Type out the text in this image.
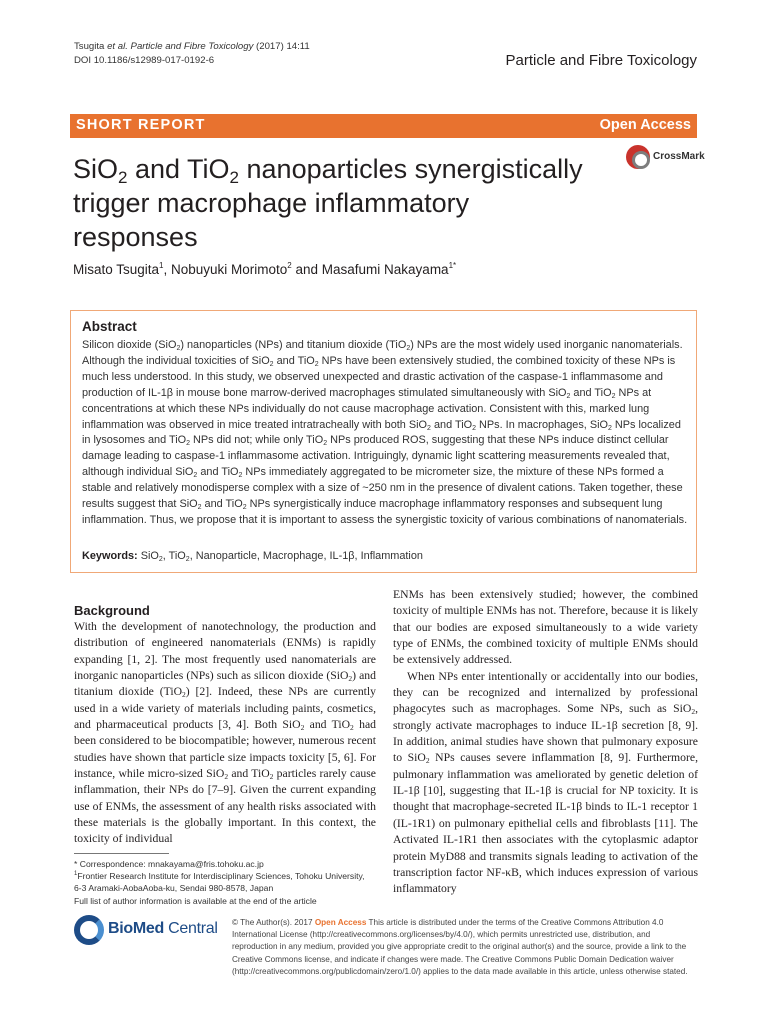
Tsugita et al. Particle and Fibre Toxicology (2017) 14:11
DOI 10.1186/s12989-017-0192-6	Particle and Fibre Toxicology
SHORT REPORT	Open Access
SiO$_2$ and TiO$_2$ nanoparticles synergistically
trigger macrophage inflammatory
responses
CrossMark
Misato Tsugita$^1$, Nobuyuki Morimoto$^2$ and Masafumi Nakayama$^{1*}$
Abstract
Silicon dioxide (SiO$_2$) nanoparticles (NPs) and titanium dioxide (TiO$_2$) NPs are the most widely used inorganic nanomaterials. Although the individual toxicities of SiO$_2$ and TiO$_2$ NPs have been extensively studied, the combined toxicity of these NPs is much less understood. In this study, we observed unexpected and drastic activation of the caspase-1 inflammasome and production of IL-1β in mouse bone marrow-derived macrophages stimulated simultaneously with SiO$_2$ and TiO$_2$ NPs at concentrations at which these NPs individually do not cause macrophage activation. Consistent with this, marked lung inflammation was observed in mice treated intratracheally with both SiO$_2$ and TiO$_2$ NPs. In macrophages, SiO$_2$ NPs localized in lysosomes and TiO$_2$ NPs did not; while only TiO$_2$ NPs produced ROS, suggesting that these NPs induce distinct cellular damage leading to caspase-1 inflammasome activation. Intriguingly, dynamic light scattering measurements revealed that, although individual SiO$_2$ and TiO$_2$ NPs immediately aggregated to be micrometer size, the mixture of these NPs formed a stable and relatively monodisperse complex with a size of ~250 nm in the presence of divalent cations. Taken together, these results suggest that SiO$_2$ and TiO$_2$ NPs synergistically induce macrophage inflammatory responses and subsequent lung inflammation. Thus, we propose that it is important to assess the synergistic toxicity of various combinations of nanomaterials.
Keywords: SiO$_2$, TiO$_2$, Nanoparticle, Macrophage, IL-1β, Inflammation
Background

With the development of nanotechnology, the production and distribution of engineered nanomaterials (ENMs) is rapidly expanding [1, 2]. The most frequently used nanomaterials are inorganic nanoparticles (NPs) such as silicon dioxide (SiO$_2$) and titanium dioxide (TiO$_2$) [2]. Indeed, these NPs are currently used in a wide variety of materials including paints, cosmetics, and pharmaceutical products [3, 4]. Both SiO$_2$ and TiO$_2$ had been considered to be biocompatible; however, numerous recent studies have shown that particle size impacts toxicity [5, 6]. For instance, while micro-sized SiO$_2$ and TiO$_2$ particles rarely cause inflammation, their NPs do [7–9]. Given the current expanding use of ENMs, the assessment of any health risks associated with these materials is the globally important. In this context, the toxicity of individual

ENMs has been extensively studied; however, the combined toxicity of multiple ENMs has not. Therefore, because it is likely that our bodies are exposed simultaneously to a wide variety type of ENMs, the combined toxicity of multiple ENMs should be extensively addressed.

When NPs enter intentionally or accidentally into our bodies, they can be recognized and internalized by professional phagocytes such as macrophages. Some NPs, such as SiO$_2$, strongly activate macrophages to induce IL-1β secretion [8, 9]. In addition, animal studies have shown that pulmonary exposure to SiO$_2$ NPs causes severe inflammation [8, 9]. Furthermore, pulmonary inflammation was ameliorated by genetic deletion of IL-1β [10], suggesting that IL-1β is crucial for NP toxicity. It is thought that macrophage-secreted IL-1β binds to IL-1 receptor 1 (IL-1R1) on pulmonary epithelial cells and fibroblasts [11]. The Activated IL-1R1 then associates with the cytoplasmic adaptor protein MyD88 and transmits signals leading to activation of the transcription factor NF-κB, which induces expression of various inflammatory

* Correspondence: mnakayama@fris.tohoku.ac.jp
$^1$Frontier Research Institute for Interdisciplinary Sciences, Tohoku University, 6-3 Aramaki-AobaAoba-ku, Sendai 980-8578, Japan
Full list of author information is available at the end of the article
BioMed Central © The Author(s). 2017 Open Access This article is distributed under the terms of the Creative Commons Attribution 4.0 International License (http://creativecommons.org/licenses/by/4.0/), which permits unrestricted use, distribution, and reproduction in any medium, provided you give appropriate credit to the original author(s) and the source, provide a link to the Creative Commons license, and indicate if changes were made. The Creative Commons Public Domain Dedication waiver (http://creativecommons.org/publicdomain/zero/1.0/) applies to the data made available in this article, unless otherwise stated.
